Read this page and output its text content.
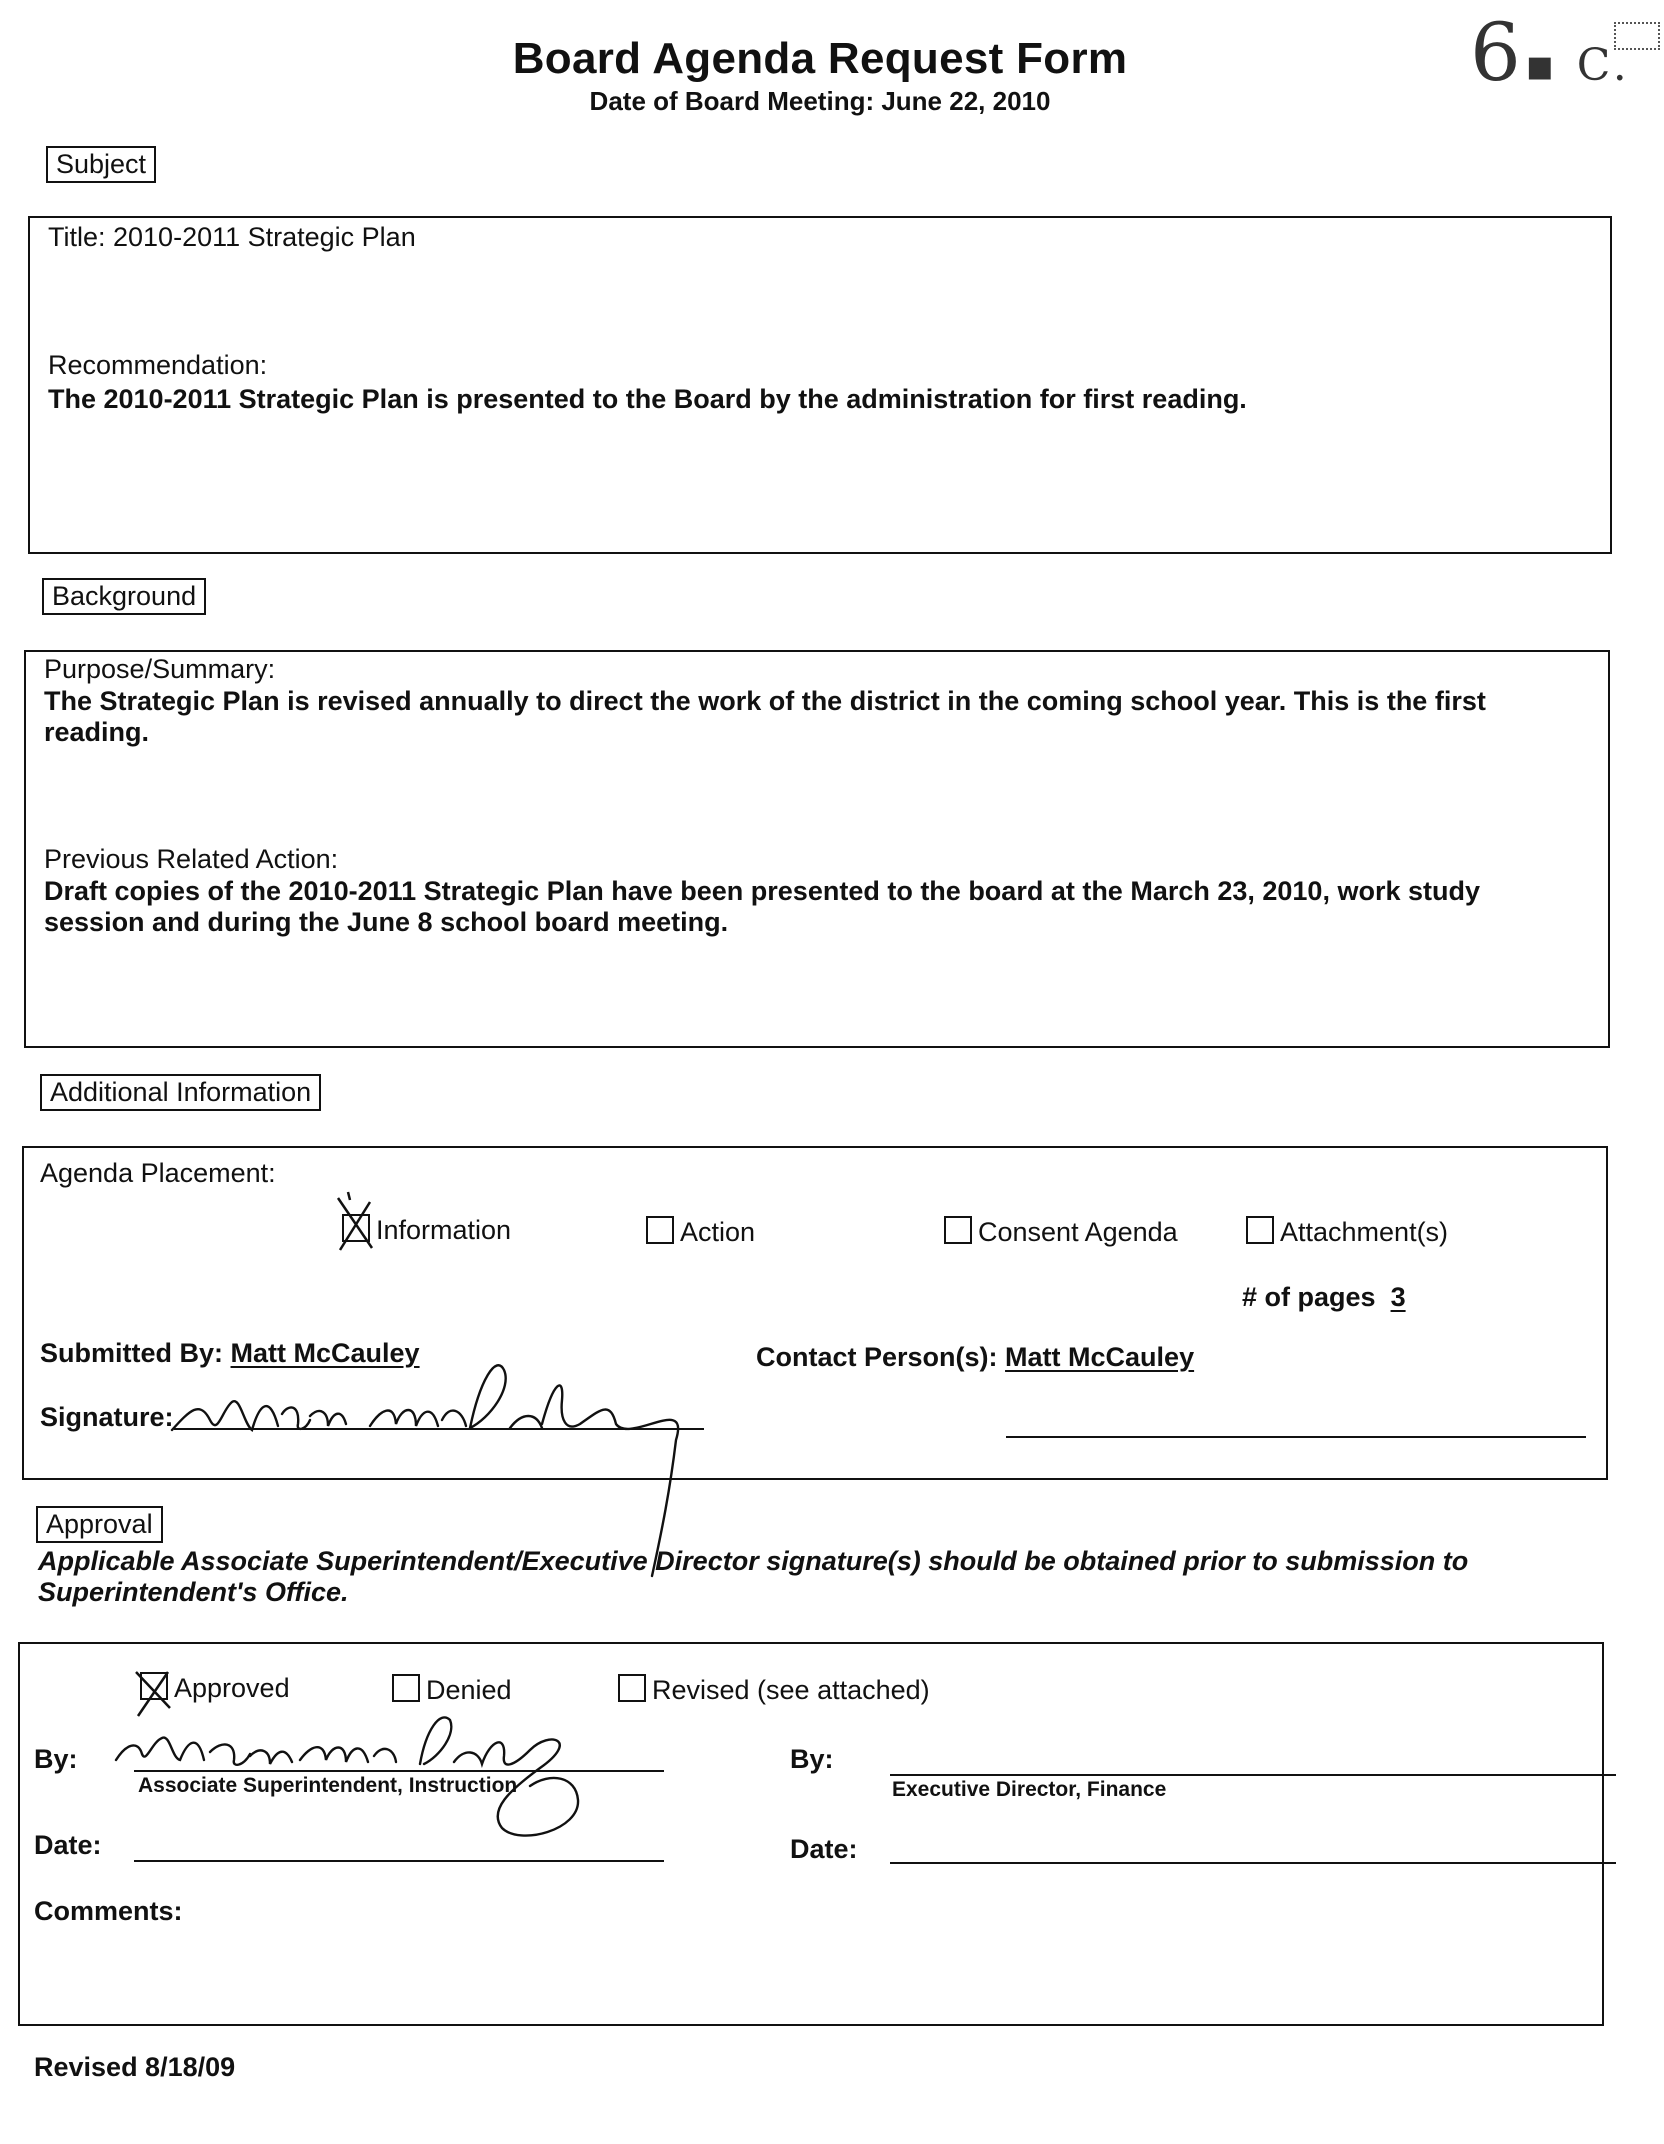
Board Agenda Request Form
Date of Board Meeting: June 22, 2010
6▪ C.
Subject
Title: 2010-2011 Strategic Plan
Recommendation:
The 2010-2011 Strategic Plan is presented to the Board by the administration for first reading.
Background
Purpose/Summary:
The Strategic Plan is revised annually to direct the work of the district in the coming school year. This is the first reading.
Previous Related Action:
Draft copies of the 2010-2011 Strategic Plan have been presented to the board at the March 23, 2010, work study session and during the June 8 school board meeting.
Additional Information
Agenda Placement:
Information	Action	Consent Agenda	Attachment(s)
# of pages 3
Submitted By: Matt McCauley	Contact Person(s): Matt McCauley
Signature:
Approval
Applicable Associate Superintendent/Executive Director signature(s) should be obtained prior to submission to Superintendent's Office.
Approved	Denied	Revised (see attached)
By:
Associate Superintendent, Instruction
By:
Executive Director, Finance
Date:	Date:
Comments:
Revised 8/18/09
